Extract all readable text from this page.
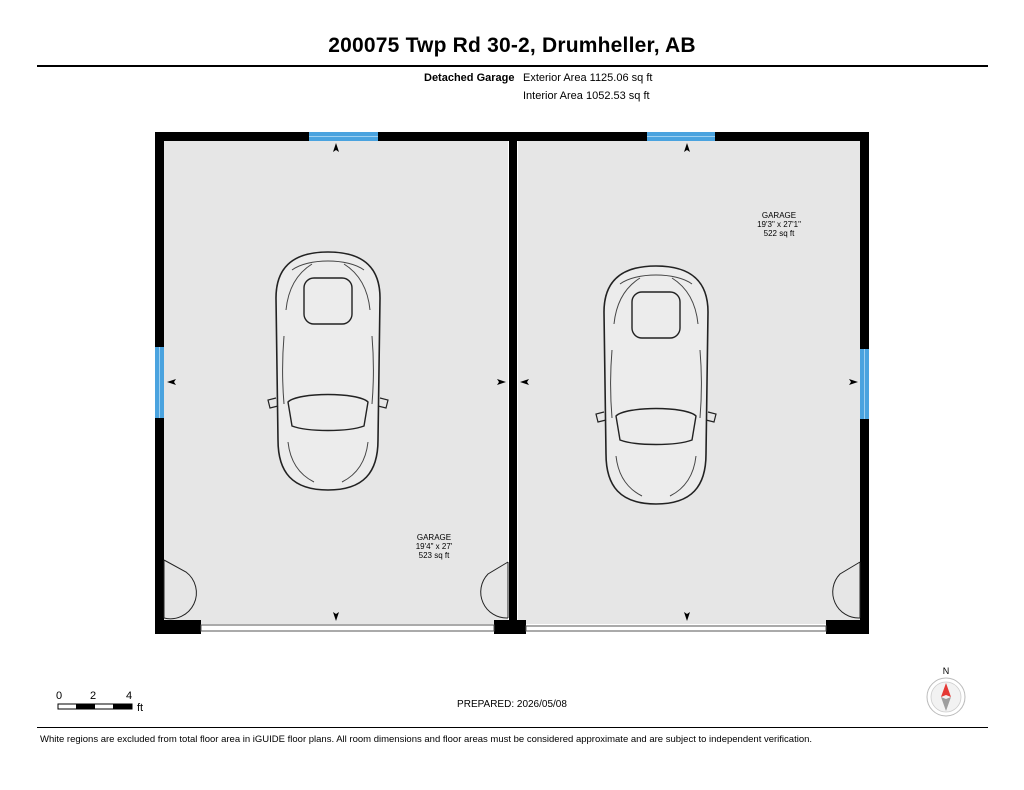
200075 Twp Rd 30-2, Drumheller, AB
Detached Garage Exterior Area 1125.06 sq ft
Interior Area 1052.53 sq ft
GARAGE
19'4" x 27'
523 sq ft
GARAGE
19'3" x 27'1"
522 sq ft
0	2	4
ft	PREPARED: 2026/05/08
N
White regions are excluded from total floor area in iGUIDE floor plans. All room dimensions and floor areas must be considered approximate and are subject to independent verification.
